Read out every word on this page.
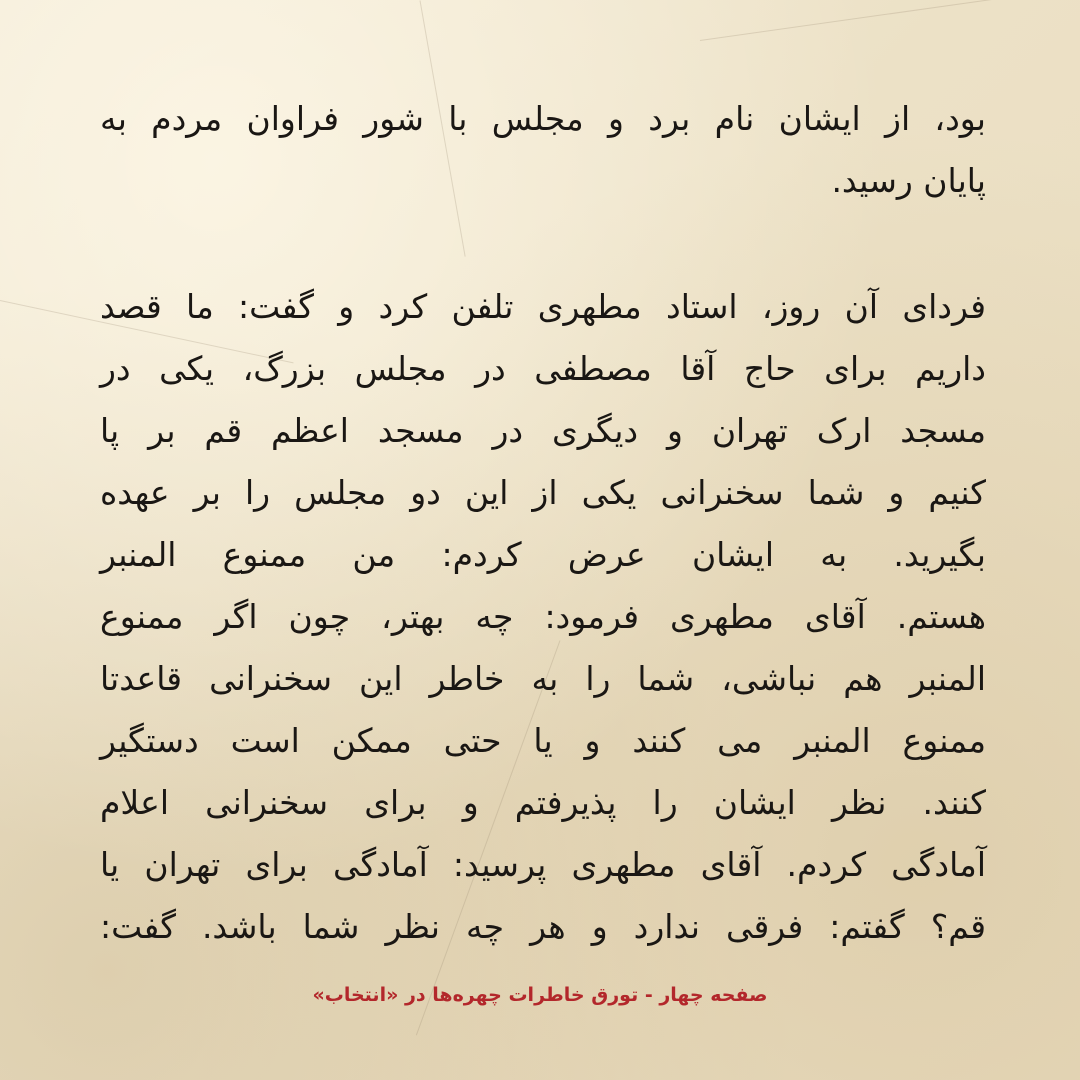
بود، از ایشان نام برد و مجلس با شور فراوان مردم به
پایان رسید.
فردای آن روز، استاد مطهری تلفن کرد و گفت: ما قصد
داریم برای حاج آقا مصطفی در مجلس بزرگ، یکی در
مسجد ارک تهران و دیگری در مسجد اعظم قم بر پا
کنیم و شما سخنرانی یکی از این دو مجلس را بر عهده
بگیرید. به ایشان عرض کردم: من ممنوع المنبر
هستم. آقای مطهری فرمود: چه بهتر، چون اگر ممنوع
المنبر هم نباشی، شما را به خاطر این سخنرانی قاعدتا
ممنوع المنبر می کنند و یا حتی ممکن است دستگیر
کنند. نظر ایشان را پذیرفتم و برای سخنرانی اعلام
آمادگی کردم. آقای مطهری پرسید: آمادگی برای تهران یا
قم؟ گفتم: فرقی ندارد و هر چه نظر شما باشد. گفت:
صفحه چهار - تورق خاطرات چهره‌ها در «انتخاب»
